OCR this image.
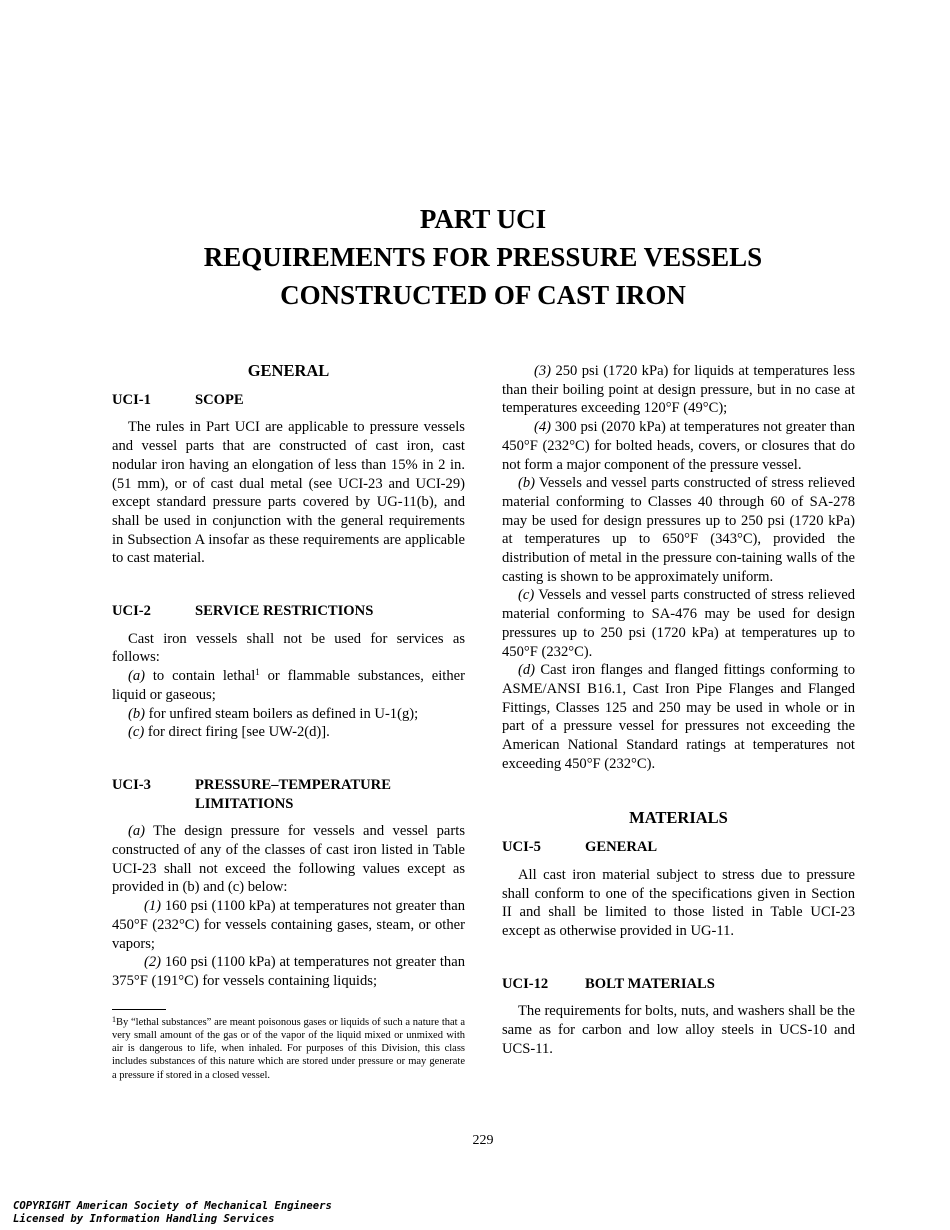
PART UCI
REQUIREMENTS FOR PRESSURE VESSELS
CONSTRUCTED OF CAST IRON
GENERAL
UCI-1	SCOPE

The rules in Part UCI are applicable to pressure vessels and vessel parts that are constructed of cast iron, cast nodular iron having an elongation of less than 15% in 2 in. (51 mm), or of cast dual metal (see UCI-23 and UCI-29) except standard pressure parts covered by UG-11(b), and shall be used in conjunction with the general requirements in Subsection A insofar as these requirements are applicable to cast material.

UCI-2	SERVICE RESTRICTIONS

Cast iron vessels shall not be used for services as follows:

(a) to contain lethal$^1$ or flammable substances, either liquid or gaseous;

(b) for unfired steam boilers as defined in U-1(g);

(c) for direct firing [see UW-2(d)].

UCI-3	PRESSURE–TEMPERATURE
LIMITATIONS

(a) The design pressure for vessels and vessel parts constructed of any of the classes of cast iron listed in Table UCI-23 shall not exceed the following values except as provided in (b) and (c) below:

(1) 160 psi (1100 kPa) at temperatures not greater than 450°F (232°C) for vessels containing gases, steam, or other vapors;

(2) 160 psi (1100 kPa) at temperatures not greater than 375°F (191°C) for vessels containing liquids;

$^1$By “lethal substances” are meant poisonous gases or liquids of such a nature that a very small amount of the gas or of the vapor of the liquid mixed or unmixed with air is dangerous to life, when inhaled. For purposes of this Division, this class includes substances of this nature which are stored under pressure or may generate a pressure if stored in a closed vessel.

(3) 250 psi (1720 kPa) for liquids at temperatures less than their boiling point at design pressure, but in no case at temperatures exceeding 120°F (49°C);

(4) 300 psi (2070 kPa) at temperatures not greater than 450°F (232°C) for bolted heads, covers, or closures that do not form a major component of the pressure vessel.

(b) Vessels and vessel parts constructed of stress relieved material conforming to Classes 40 through 60 of SA-278 may be used for design pressures up to 250 psi (1720 kPa) at temperatures up to 650°F (343°C), provided the distribution of metal in the pressure con-taining walls of the casting is shown to be approximately uniform.

(c) Vessels and vessel parts constructed of stress relieved material conforming to SA-476 may be used for design pressures up to 250 psi (1720 kPa) at temperatures up to 450°F (232°C).

(d) Cast iron flanges and flanged fittings conforming to ASME/ANSI B16.1, Cast Iron Pipe Flanges and Flanged Fittings, Classes 125 and 250 may be used in whole or in part of a pressure vessel for pressures not exceeding the American National Standard ratings at temperatures not exceeding 450°F (232°C).

MATERIALS
UCI-5	GENERAL

All cast iron material subject to stress due to pressure shall conform to one of the specifications given in Section II and shall be limited to those listed in Table UCI-23 except as otherwise provided in UG-11.

UCI-12	BOLT MATERIALS

The requirements for bolts, nuts, and washers shall be the same as for carbon and low alloy steels in UCS-10 and UCS-11.

229
COPYRIGHT American Society of Mechanical Engineers
Licensed by Information Handling Services
